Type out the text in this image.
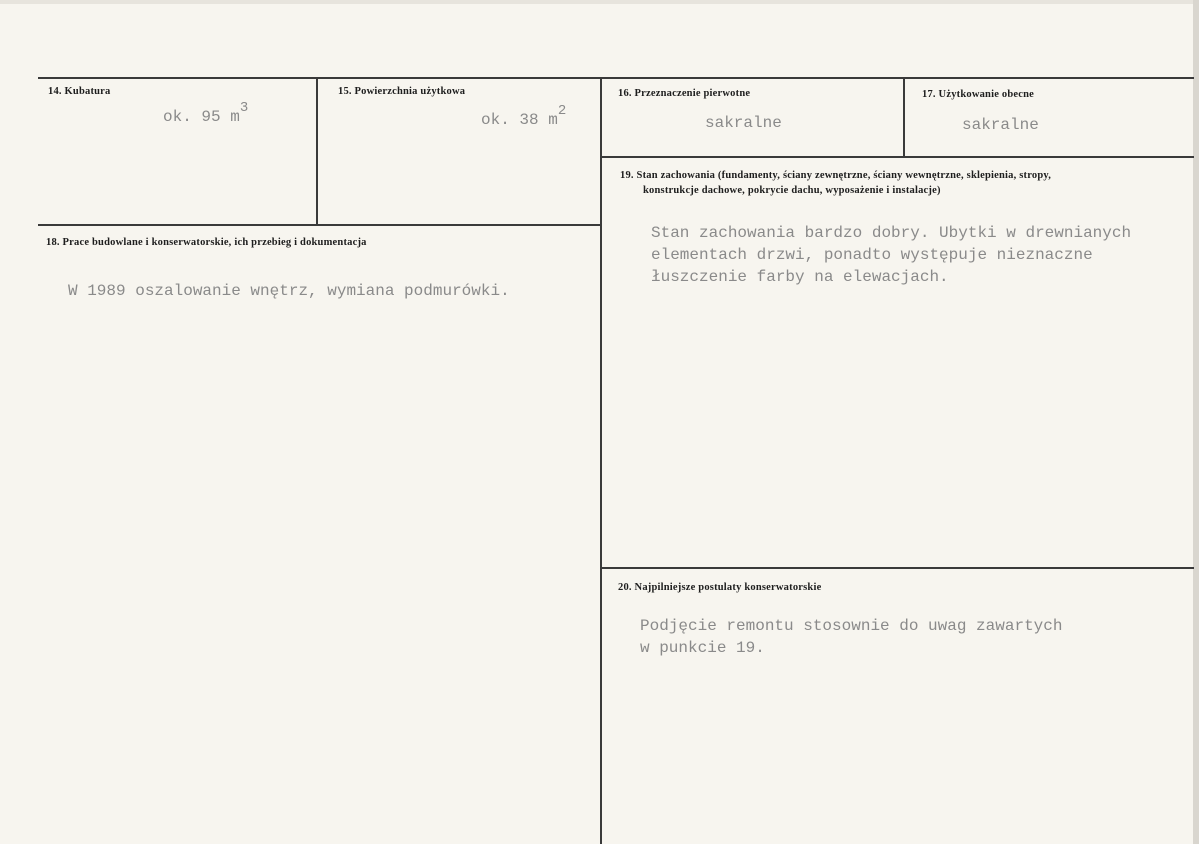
14. Kubatura
ok. 95 m3
15. Powierzchnia użytkowa
ok. 38 m2
16. Przeznaczenie pierwotne
sakralne
17. Użytkowanie obecne
sakralne
18. Prace budowlane i konserwatorskie, ich przebieg i dokumentacja
W 1989 oszalowanie wnętrz, wymiana podmurówki.
19. Stan zachowania (fundamenty, ściany zewnętrzne, ściany wewnętrzne, sklepienia, stropy,
konstrukcje dachowe, pokrycie dachu, wyposażenie i instalacje)
Stan zachowania bardzo dobry. Ubytki w drewnianych
elementach drzwi, ponadto występuje nieznaczne
łuszczenie farby na elewacjach.
20. Najpilniejsze postulaty konserwatorskie
Podjęcie remontu stosownie do uwag zawartych
w punkcie 19.
